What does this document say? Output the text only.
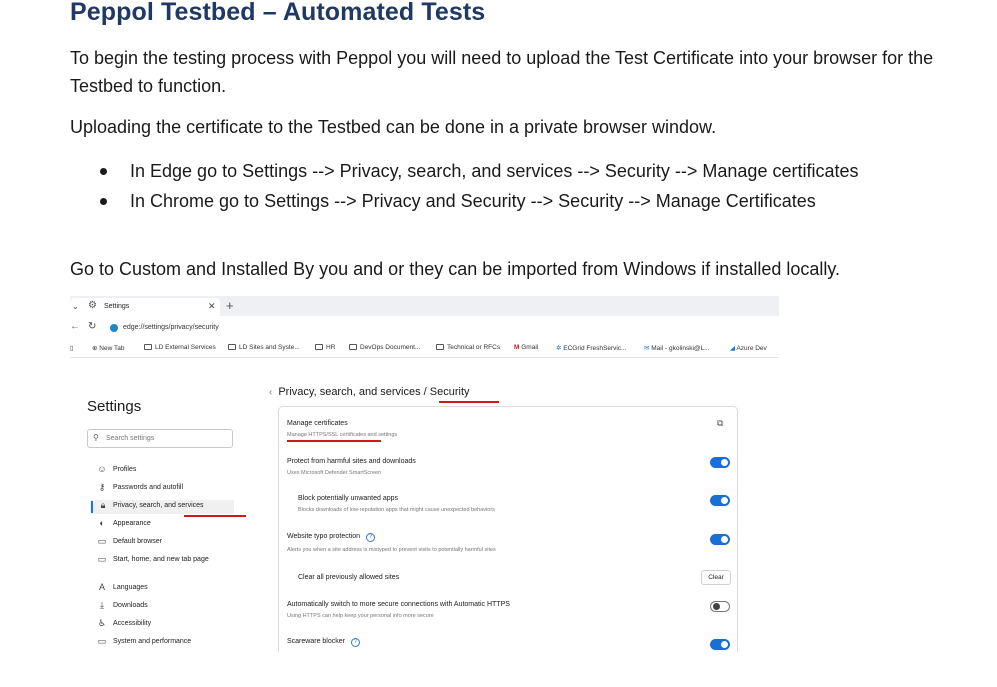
Peppol Testbed – Automated Tests
To begin the testing process with Peppol you will need to upload the Test Certificate into your browser for the Testbed to function.
Uploading the certificate to the Testbed can be done in a private browser window.
In Edge go to Settings --> Privacy, search, and services --> Security --> Manage certificates
In Chrome go to Settings --> Privacy and Security --> Security --> Manage Certificates
Go to Custom and Installed By you and or they can be imported from Windows if installed locally.
⌄ ⚙ Settings	✕ +
← ↻	edge://settings/privacy/security
▯	⊕ New Tab	LD External Services	LD Sites and Syste...	HR	DevOps Document...	Technical or RFCs M Gmail	✲ ECGrid FreshServic...	✉ Mail - gkolinski@L...	◢ Azure Dev
Settings
⚲ Search settings
☺ Profiles
⚷ Passwords and autofill
🔒︎	Privacy, search, and services
◐	Appearance
▭ Default browser
▭ Start, home, and new tab page
A Languages
⤓	Downloads
♿︎ Accessibility
▭ System and performance
‹ Privacy, search, and services / Security
Manage certificates
Manage HTTPS/SSL certificates and settings
⧉
Protect from harmful sites and downloads
Uses Microsoft Defender SmartScreen
Block potentially unwanted apps
Blocks downloads of low-reputation apps that might cause unexpected behaviors
Website typo protection ?
Alerts you when a site address is mistyped to prevent visits to potentially harmful sites
Clear all previously allowed sites	Clear
Automatically switch to more secure connections with Automatic HTTPS
Using HTTPS can help keep your personal info more secure
Scareware blocker ?
